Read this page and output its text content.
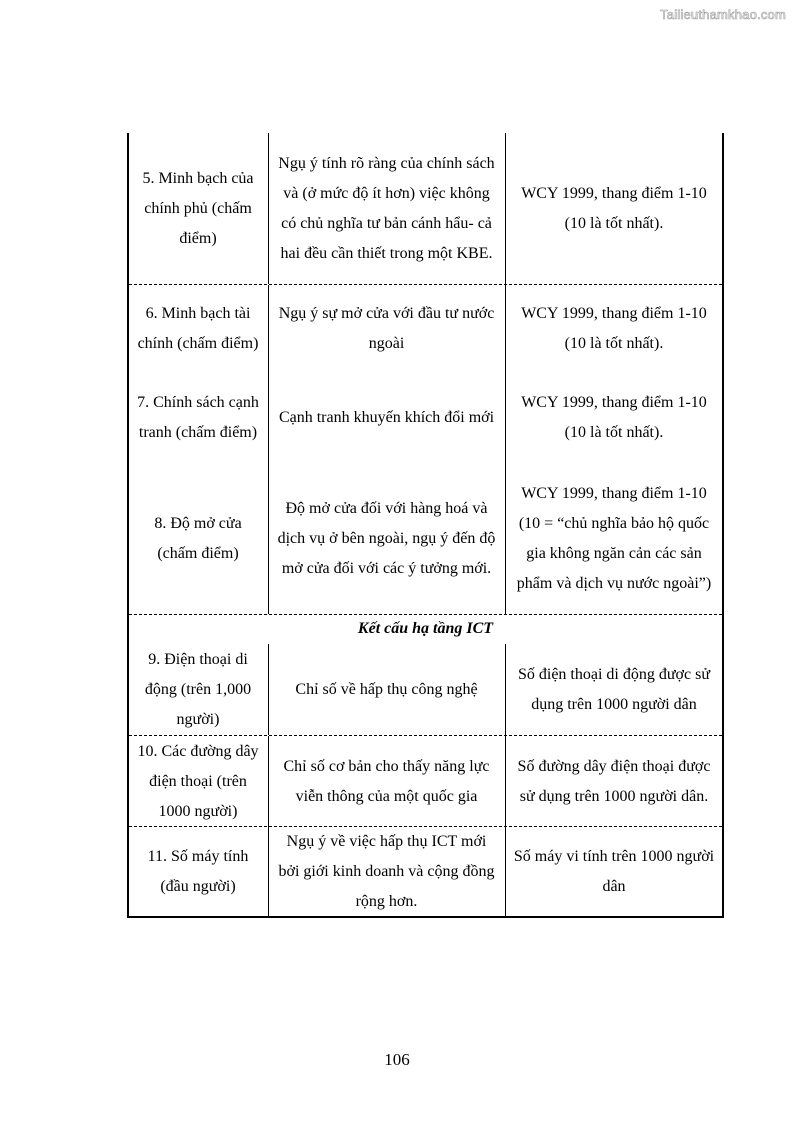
Tailieuthamkhao.com
5. Minh bạch của chính phủ (chấm điểm)
Ngụ ý tính rõ ràng của chính sách và (ở mức độ ít hơn) việc không có chủ nghĩa tư bản cánh hẩu- cả hai đều cần thiết trong một KBE.
WCY 1999, thang điểm 1-10 (10 là tốt nhất).
6. Minh bạch tài chính (chấm điểm)
Ngụ ý sự mở cửa với đầu tư nước ngoài
WCY 1999, thang điểm 1-10 (10 là tốt nhất).
7. Chính sách cạnh tranh (chấm điểm)
Cạnh tranh khuyến khích đổi mới
WCY 1999, thang điểm 1-10 (10 là tốt nhất).
8. Độ mở cửa (chấm điểm)
Độ mở cửa đối với hàng hoá và dịch vụ ở bên ngoài, ngụ ý đến độ mở cửa đối với các ý tưởng mới.
WCY 1999, thang điểm 1-10 (10 = “chủ nghĩa bảo hộ quốc gia không ngăn cản các sản phẩm và dịch vụ nước ngoài”)
Kết cấu hạ tầng ICT
9. Điện thoại di động (trên 1,000 người)
Chỉ số về hấp thụ công nghệ
Số điện thoại di động được sử dụng trên 1000 người dân
10. Các đường dây điện thoại (trên 1000 người)
Chỉ số cơ bản cho thấy năng lực viễn thông của một quốc gia
Số đường dây điện thoại được sử dụng trên 1000 người dân.
11. Số máy tính (đầu người)
Ngụ ý về việc hấp thụ ICT mới bởi giới kinh doanh và cộng đồng rộng hơn.
Số máy vi tính trên 1000 người dân
106
